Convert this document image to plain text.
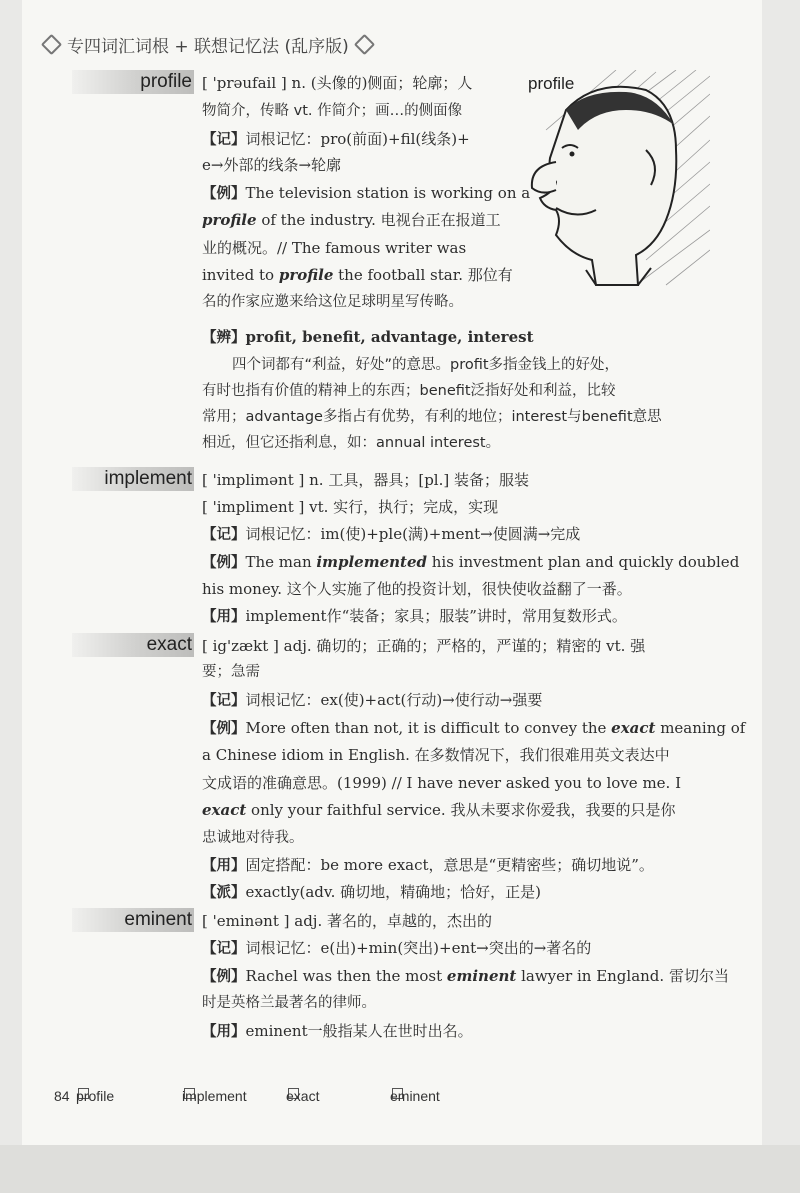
专四词汇词根 + 联想记忆法 (乱序版)
profile
profile [ 'prəufail ] n. (头像的)侧面；轮廓；人
物简介，传略 vt. 作简介；画…的侧面像
【记】词根记忆：pro(前面)+fil(线条)+
e→外部的线条→轮廓
【例】The television station is working on a
profile of the industry. 电视台正在报道工
业的概况。// The famous writer was
invited to profile the football star. 那位有
名的作家应邀来给这位足球明星写传略。
【辨】profit, benefit, advantage, interest
四个词都有“利益，好处”的意思。profit多指金钱上的好处，
有时也指有价值的精神上的东西；benefit泛指好处和利益，比较
常用；advantage多指占有优势，有利的地位；interest与benefit意思
相近，但它还指利息，如：annual interest。
implement [ 'implimənt ] n. 工具，器具；[pl.] 装备；服装
[ 'impliment ] vt. 实行，执行；完成，实现
【记】词根记忆：im(使)+ple(满)+ment→使圆满→完成
【例】The man implemented his investment plan and quickly doubled
his money. 这个人实施了他的投资计划，很快使收益翻了一番。
【用】implement作“装备；家具；服装”讲时，常用复数形式。
exact [ ig'zækt ] adj. 确切的；正确的；严格的，严谨的；精密的 vt. 强
要；急需
【记】词根记忆：ex(使)+act(行动)→使行动→强要
【例】More often than not, it is difficult to convey the exact meaning of
a Chinese idiom in English. 在多数情况下，我们很难用英文表达中
文成语的准确意思。(1999) // I have never asked you to love me. I
exact only your faithful service. 我从未要求你爱我，我要的只是你
忠诚地对待我。
【用】固定搭配：be more exact，意思是“更精密些；确切地说”。
【派】exactly(adv. 确切地，精确地；恰好，正是)
eminent [ 'eminənt ] adj. 著名的，卓越的，杰出的
【记】词根记忆：e(出)+min(突出)+ent→突出的→著名的
【例】Rachel was then the most eminent lawyer in England. 雷切尔当
时是英格兰最著名的律师。
【用】eminent一般指某人在世时出名。
84 profile	implement	exact	eminent
